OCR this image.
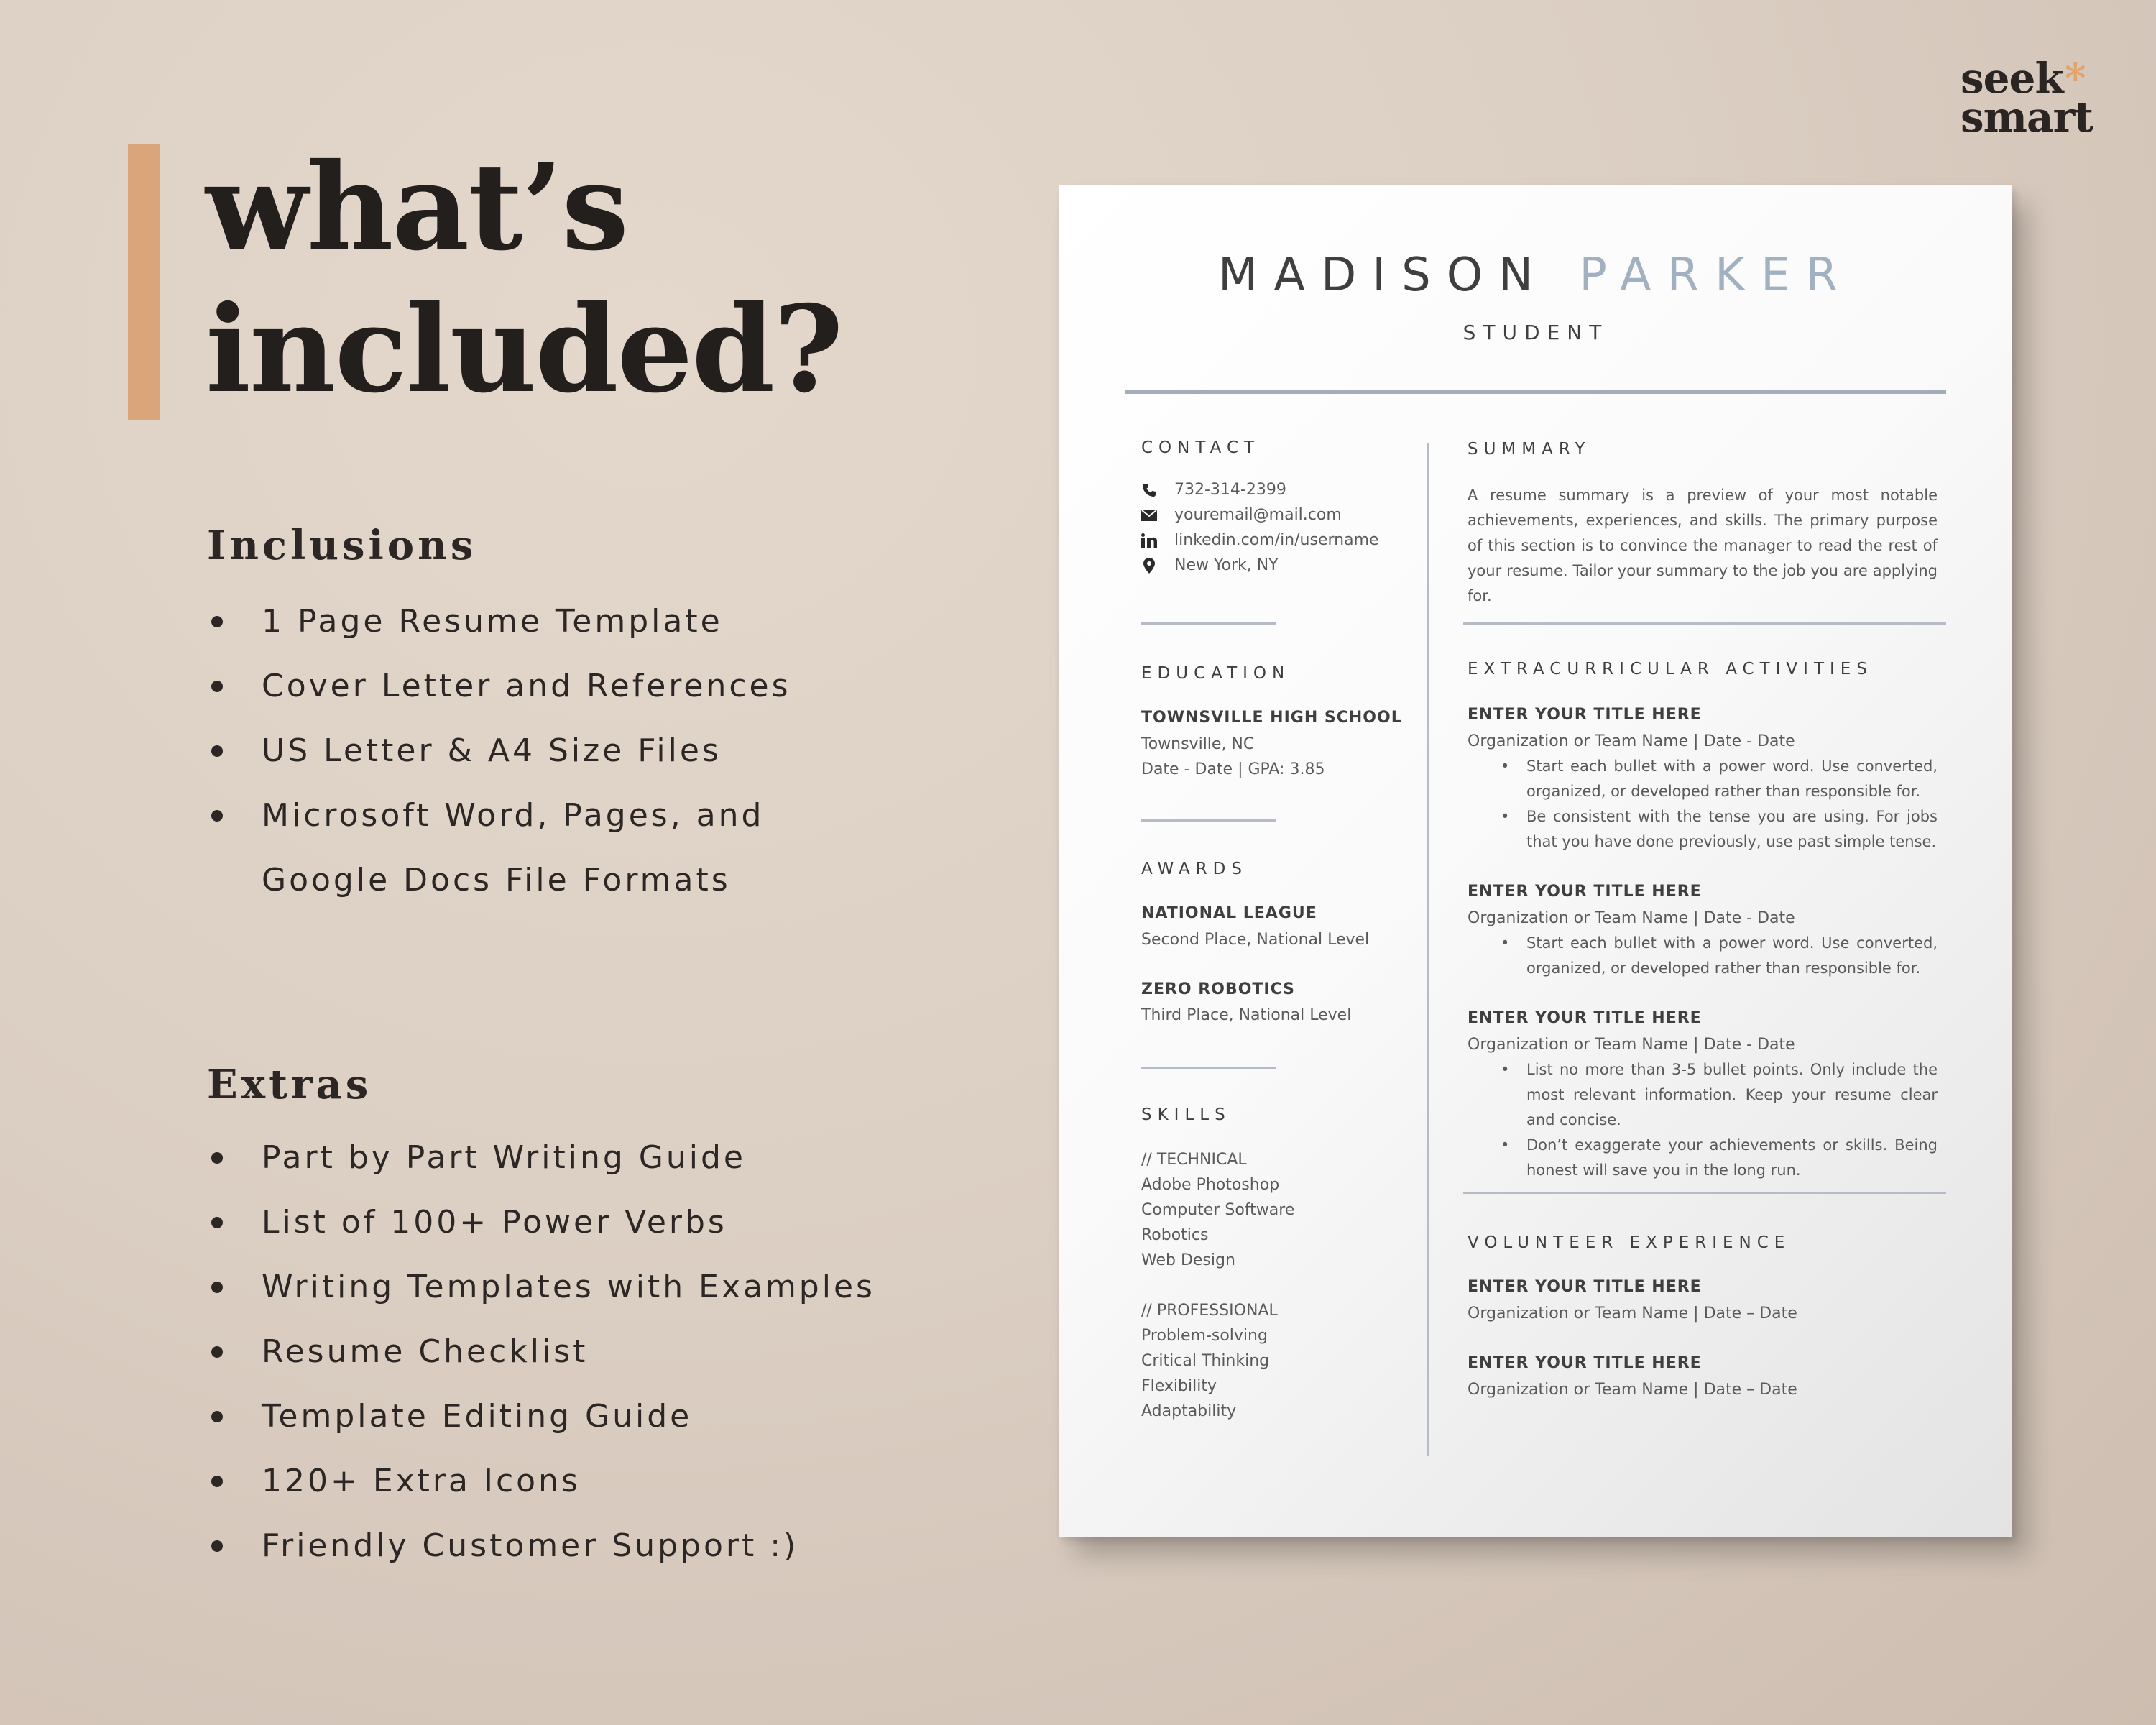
what’s
included?
seek*
smart
Inclusions
1 Page Resume Template
Cover Letter and References
US Letter & A4 Size Files
Microsoft Word, Pages, and
Google Docs File Formats
Extras
Part by Part Writing Guide
List of 100+ Power Verbs
Writing Templates with Examples
Resume Checklist
Template Editing Guide
120+ Extra Icons
Friendly Customer Support :)
MADISON PARKER
STUDENT
CONTACT
732-314-2399
youremail@mail.com
linkedin.com/in/username
New York, NY
EDUCATION
TOWNSVILLE HIGH SCHOOL
Townsville, NC
Date - Date | GPA: 3.85
AWARDS
NATIONAL LEAGUE
Second Place, National Level
ZERO ROBOTICS
Third Place, National Level
SKILLS
// TECHNICAL
Adobe Photoshop
Computer Software
Robotics
Web Design
// PROFESSIONAL
Problem-solving
Critical Thinking
Flexibility
Adaptability
SUMMARY
A resume summary is a preview of your most notable achievements, experiences, and skills. The primary purpose of this section is to convince the manager to read the rest of your resume. Tailor your summary to the job you are applying for.
EXTRACURRICULAR ACTIVITIES
ENTER YOUR TITLE HERE
Organization or Team Name | Date - Date
• Start each bullet with a power word. Use converted, organized, or developed rather than responsible for.
• Be consistent with the tense you are using. For jobs that you have done previously, use past simple tense.
ENTER YOUR TITLE HERE
Organization or Team Name | Date - Date
• Start each bullet with a power word. Use converted, organized, or developed rather than responsible for.
ENTER YOUR TITLE HERE
Organization or Team Name | Date - Date
• List no more than 3-5 bullet points. Only include the most relevant information. Keep your resume clear and concise.
• Don’t exaggerate your achievements or skills. Being honest will save you in the long run.
VOLUNTEER EXPERIENCE
ENTER YOUR TITLE HERE
Organization or Team Name | Date – Date
ENTER YOUR TITLE HERE
Organization or Team Name | Date – Date
